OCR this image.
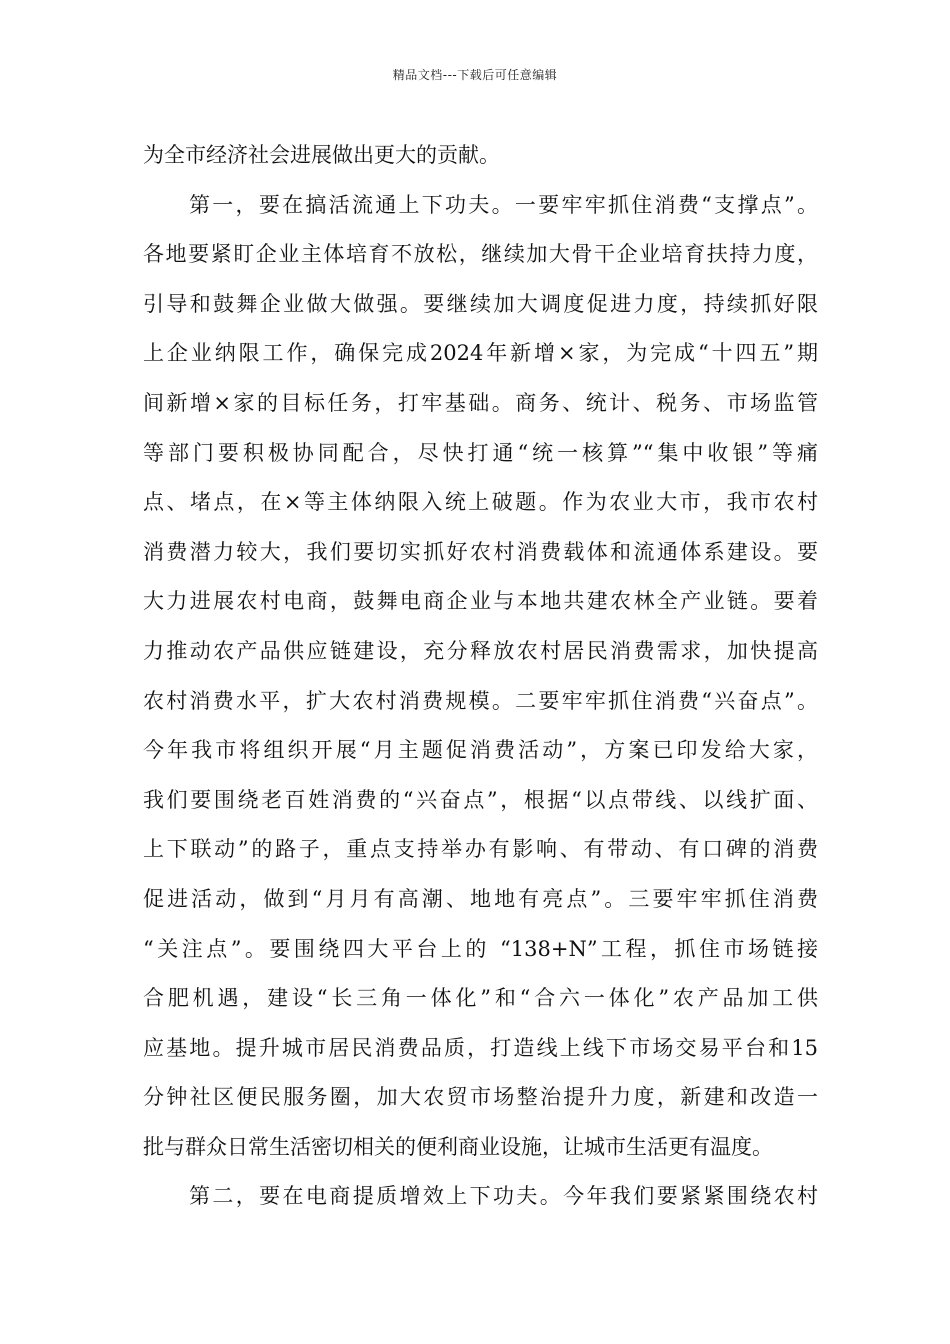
精品文档---下载后可任意编辑
为全市经济社会进展做出更大的贡献。
第一，要在搞活流通上下功夫。一要牢牢抓住消费“支撑点”。
各地要紧盯企业主体培育不放松，继续加大骨干企业培育扶持力度，
引导和鼓舞企业做大做强。要继续加大调度促进力度，持续抓好限
上企业纳限工作，确保完成2024年新增×家，为完成“十四五”期
间新增×家的目标任务，打牢基础。商务、统计、税务、市场监管
等部门要积极协同配合，尽快打通“统一核算”“集中收银”等痛
点、堵点，在×等主体纳限入统上破题。作为农业大市，我市农村
消费潜力较大，我们要切实抓好农村消费载体和流通体系建设。要
大力进展农村电商，鼓舞电商企业与本地共建农林全产业链。要着
力推动农产品供应链建设，充分释放农村居民消费需求，加快提高
农村消费水平，扩大农村消费规模。二要牢牢抓住消费“兴奋点”。
今年我市将组织开展“月主题促消费活动”，方案已印发给大家，
我们要围绕老百姓消费的“兴奋点”，根据“以点带线、以线扩面、
上下联动”的路子，重点支持举办有影响、有带动、有口碑的消费
促进活动，做到“月月有高潮、地地有亮点”。三要牢牢抓住消费
“关注点”。要围绕四大平台上的 “138+N”工程，抓住市场链接
合肥机遇，建设“长三角一体化”和“合六一体化”农产品加工供
应基地。提升城市居民消费品质，打造线上线下市场交易平台和15
分钟社区便民服务圈，加大农贸市场整治提升力度，新建和改造一
批与群众日常生活密切相关的便利商业设施，让城市生活更有温度。
第二，要在电商提质增效上下功夫。今年我们要紧紧围绕农村
